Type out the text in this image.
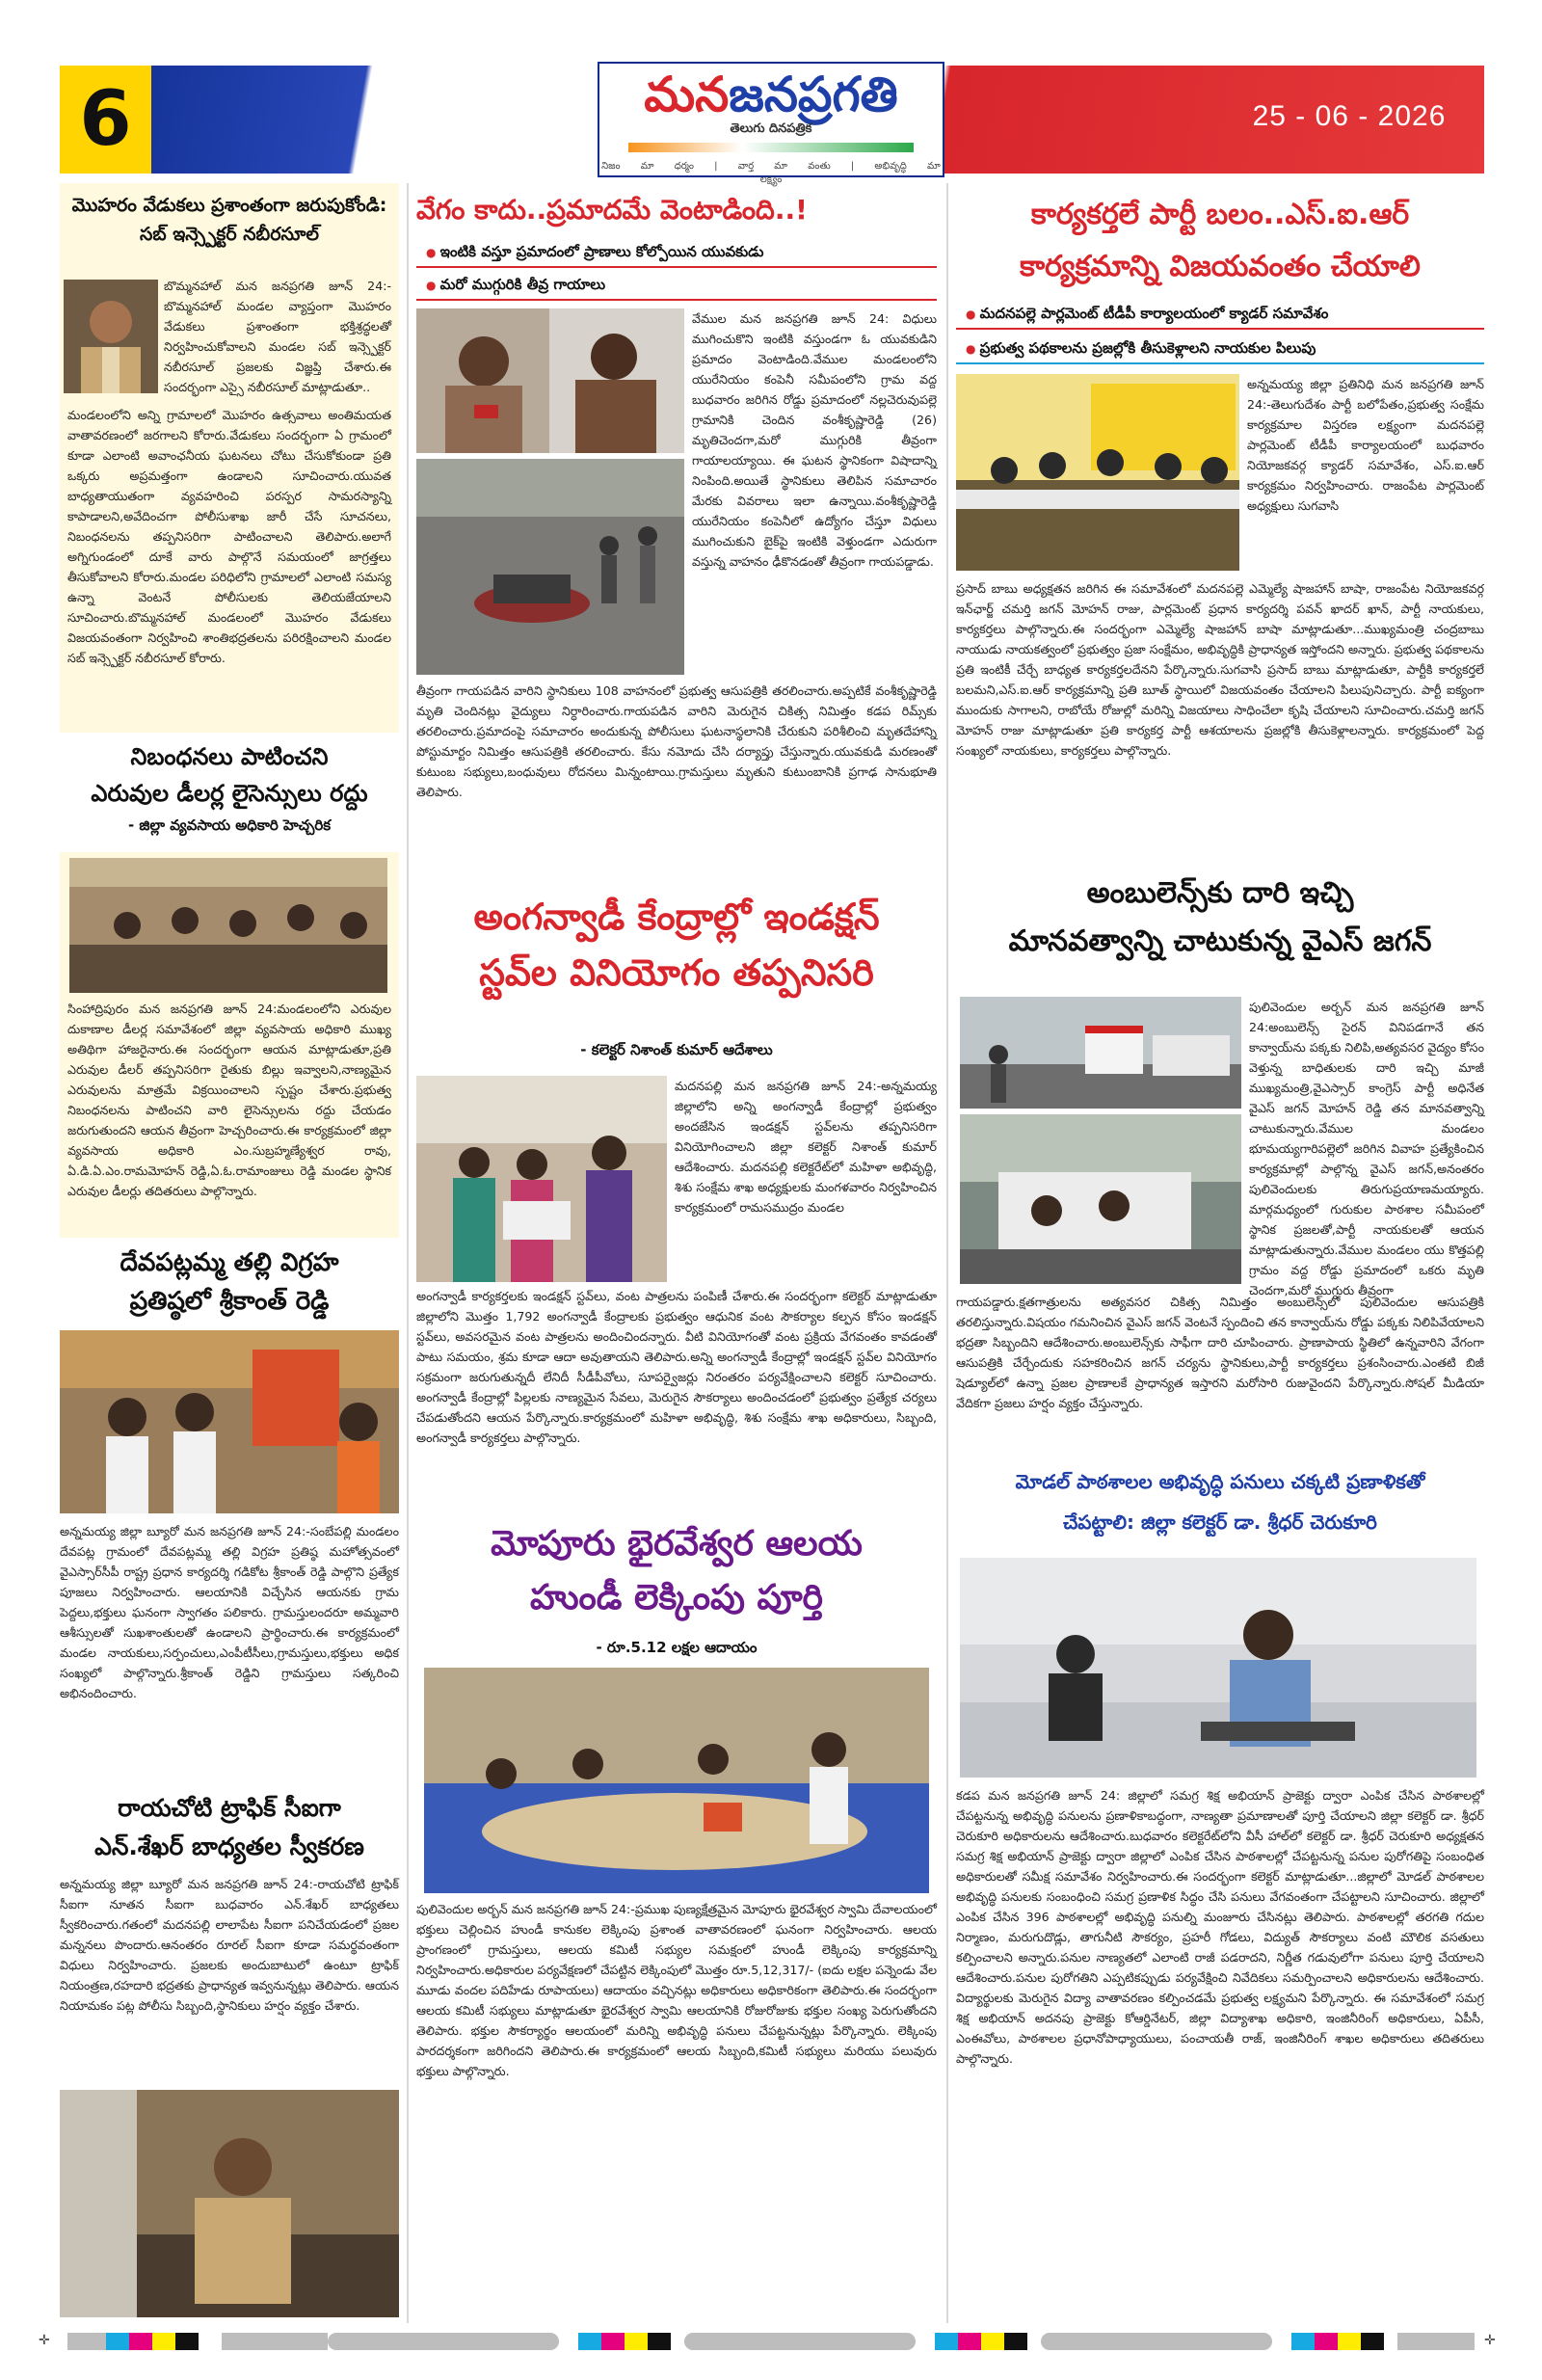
6	మనజనప్రగతి
తెలుగు దినపత్రిక
నిజం మా ధర్మం | వార్త మా వంతు | అభివృద్ధి మా లక్ష్యం
25 - 06 - 2026
మొహరం వేడుకలు ప్రశాంతంగా జరుపుకోండి: సబ్ ఇన్స్పెక్టర్ నబీరసూల్
బొమ్మనహాల్ మన జనప్రగతి జూన్ 24:-బొమ్మనహాల్ మండల వ్యాప్తంగా మొహరం వేడుకలు ప్రశాంతంగా భక్తిశ్రద్ధలతో నిర్వహించుకోవాలని మండల సబ్ ఇన్స్పెక్టర్ నబీరసూల్ ప్రజలకు విజ్ఞప్తి చేశారు.ఈ సందర్భంగా ఎస్సై నబీరసూల్ మాట్లాడుతూ..
మండలంలోని అన్ని గ్రామాలలో మొహరం ఉత్సవాలు అంతిమయత వాతావరణంలో జరగాలని కోరారు.వేడుకలు సందర్భంగా ఏ గ్రామంలో కూడా ఎలాంటి అవాంఛనీయ ఘటనలు చోటు చేసుకోకుండా ప్రతి ఒక్కరు అప్రమత్తంగా ఉండాలని సూచించారు.యువత బాధ్యతాయుతంగా వ్యవహరించి పరస్పర సామరస్యాన్ని కాపాడాలని,అవేదించగా పోలీసుశాఖ జారీ చేసే సూచనలు, నిబంధనలను తప్పనిసరిగా పాటించాలని తెలిపారు.అలాగే అగ్నిగుండంలో దూకే వారు పాల్గొనే సమయంలో జాగ్రత్తలు తీసుకోవాలని కోరారు.మండల పరిధిలోని గ్రామాలలో ఎలాంటి సమస్య ఉన్నా వెంటనే పోలీసులకు తెలియజేయాలని సూచించారు.బొమ్మనహాల్ మండలంలో మొహరం వేడుకలు విజయవంతంగా నిర్వహించి శాంతిభద్రతలను పరిరక్షించాలని మండల సబ్ ఇన్స్పెక్టర్ నబీరసూల్ కోరారు.
నిబంధనలు పాటించని
ఎరువుల డీలర్ల లైసెన్సులు రద్దు
- జిల్లా వ్యవసాయ అధికారి హెచ్చరిక
సింహాద్రిపురం మన జనప్రగతి జూన్ 24:మండలంలోని ఎరువుల దుకాణాల డీలర్ల సమావేశంలో జిల్లా వ్యవసాయ అధికారి ముఖ్య అతిథిగా హాజరైనారు.ఈ సందర్భంగా ఆయన మాట్లాడుతూ,ప్రతి ఎరువుల డీలర్ తప్పనిసరిగా రైతుకు బిల్లు ఇవ్వాలని,నాణ్యమైన ఎరువులను మాత్రమే విక్రయించాలని స్పష్టం చేశారు.ప్రభుత్వ నిబంధనలను పాటించని వారి లైసెన్సులను రద్దు చేయడం జరుగుతుందని ఆయన తీవ్రంగా హెచ్చరించారు.ఈ కార్యక్రమంలో జిల్లా వ్యవసాయ అధికారి ఎం.సుబ్రహ్మణ్యేశ్వర రావు, ఏ.డి.ఏ.ఎం.రామమోహన్ రెడ్డి,ఏ.ఓ.రామాంజులు రెడ్డి మండల స్థానిక ఎరువుల డీలర్లు తదితరులు పాల్గొన్నారు.
దేవపట్లమ్మ తల్లి విగ్రహ
ప్రతిష్ఠలో శ్రీకాంత్ రెడ్డి
అన్నమయ్య జిల్లా బ్యూరో మన జనప్రగతి జూన్ 24:-సంబేపల్లి మండలం దేవపట్ల గ్రామంలో దేవపట్లమ్మ తల్లి విగ్రహ ప్రతిష్ఠ మహోత్సవంలో వైఎస్సార్‌సీపీ రాష్ట్ర ప్రధాన కార్యదర్శి గడికోట శ్రీకాంత్ రెడ్డి పాల్గొని ప్రత్యేక పూజలు నిర్వహించారు. ఆలయానికి విచ్చేసిన ఆయనకు గ్రామ పెద్దలు,భక్తులు ఘనంగా స్వాగతం పలికారు. గ్రామస్తులందరూ అమ్మవారి ఆశీస్సులతో సుఖశాంతులతో ఉండాలని ప్రార్థించారు.ఈ కార్యక్రమంలో మండల నాయకులు,సర్పంచులు,ఎంపీటీసీలు,గ్రామస్తులు,భక్తులు అధిక సంఖ్యలో పాల్గొన్నారు.శ్రీకాంత్ రెడ్డిని గ్రామస్తులు సత్కరించి అభినందించారు.
రాయచోటి ట్రాఫిక్ సీఐగా
ఎన్.శేఖర్ బాధ్యతల స్వీకరణ
అన్నమయ్య జిల్లా బ్యూరో మన జనప్రగతి జూన్ 24:-రాయచోటి ట్రాఫిక్ సీఐగా నూతన సీఐగా బుధవారం ఎన్.శేఖర్ బాధ్యతలు స్వీకరించారు.గతంలో మదనపల్లి లాలాపేట సీఐగా పనిచేయడంలో ప్రజల మన్ననలు పొందారు.ఆనంతరం రూరల్ సీఐగా కూడా సమర్థవంతంగా విధులు నిర్వహించారు. ప్రజలకు అందుబాటులో ఉంటూ ట్రాఫిక్ నియంత్రణ,రహదారి భద్రతకు ప్రాధాన్యత ఇవ్వనున్నట్లు తెలిపారు. ఆయన నియామకం పట్ల పోలీసు సిబ్బంది,స్థానికులు హర్షం వ్యక్తం చేశారు.
వేగం కాదు..ప్రమాదమే వెంటాడింది..!
● ఇంటికి వస్తూ ప్రమాదంలో ప్రాణాలు కోల్పోయిన యువకుడు
● మరో ముగ్గురికి తీవ్ర గాయాలు
వేముల మన జనప్రగతి జూన్ 24: విధులు ముగించుకొని ఇంటికి వస్తుండగా ఓ యువకుడిని ప్రమాదం వెంటాడింది.వేముల మండలంలోని యురేనియం కంపెనీ సమీపంలోని గ్రామ వద్ద బుధవారం జరిగిన రోడ్డు ప్రమాదంలో నల్లచెరువుపల్లె గ్రామానికి చెందిన వంశీకృష్ణారెడ్డి (26) మృతిచెందగా,మరో ముగ్గురికి తీవ్రంగా గాయాలయ్యాయి. ఈ ఘటన స్థానికంగా విషాదాన్ని నింపింది.అయితే స్థానికులు తెలిపిన సమాచారం మేరకు వివరాలు ఇలా ఉన్నాయి.వంశీకృష్ణారెడ్డి యురేనియం కంపెనీలో ఉద్యోగం చేస్తూ విధులు ముగించుకుని బైక్‌పై ఇంటికి వెళ్తుండగా ఎదురుగా వస్తున్న వాహనం ఢీకొనడంతో తీవ్రంగా గాయపడ్డాడు.
తీవ్రంగా గాయపడిన వారిని స్థానికులు 108 వాహనంలో ప్రభుత్వ ఆసుపత్రికి తరలించారు.అప్పటికే వంశీకృష్ణారెడ్డి మృతి చెందినట్లు వైద్యులు నిర్ధారించారు.గాయపడిన వారిని మెరుగైన చికిత్స నిమిత్తం కడప రిమ్స్‌కు తరలించారు.ప్రమాదంపై సమాచారం అందుకున్న పోలీసులు ఘటనాస్థలానికి చేరుకుని పరిశీలించి మృతదేహాన్ని పోస్టుమార్టం నిమిత్తం ఆసుపత్రికి తరలించారు. కేసు నమోదు చేసి దర్యాప్తు చేస్తున్నారు.యువకుడి మరణంతో కుటుంబ సభ్యులు,బంధువులు రోదనలు మిన్నంటాయి.గ్రామస్తులు మృతుని కుటుంబానికి ప్రగాఢ సానుభూతి తెలిపారు.
అంగన్వాడీ కేంద్రాల్లో ఇండక్షన్
స్టవ్‌ల వినియోగం తప్పనిసరి
- కలెక్టర్ నిశాంత్ కుమార్ ఆదేశాలు
మదనపల్లి మన జనప్రగతి జూన్ 24:-అన్నమయ్య జిల్లాలోని అన్ని అంగన్వాడీ కేంద్రాల్లో ప్రభుత్వం అందజేసిన ఇండక్షన్ స్టవ్‌లను తప్పనిసరిగా వినియోగించాలని జిల్లా కలెక్టర్ నిశాంత్ కుమార్ ఆదేశించారు. మదనపల్లి కలెక్టరేట్‌లో మహిళా అభివృద్ధి, శిశు సంక్షేమ శాఖ అధ్యక్షులకు మంగళవారం నిర్వహించిన కార్యక్రమంలో రామసముద్రం మండల
అంగన్వాడీ కార్యకర్తలకు ఇండక్షన్ స్టవ్‌లు, వంట పాత్రలను పంపిణీ చేశారు.ఈ సందర్భంగా కలెక్టర్ మాట్లాడుతూ జిల్లాలోని మొత్తం 1,792 అంగన్వాడీ కేంద్రాలకు ప్రభుత్వం ఆధునిక వంట సౌకర్యాల కల్పన కోసం ఇండక్షన్ స్టవ్‌లు, అవసరమైన వంట పాత్రలను అందించిందన్నారు. వీటి వినియోగంతో వంట ప్రక్రియ వేగవంతం కావడంతో పాటు సమయం, శ్రమ కూడా ఆదా అవుతాయని తెలిపారు.అన్ని అంగన్వాడీ కేంద్రాల్లో ఇండక్షన్ స్టవ్‌ల వినియోగం సక్రమంగా జరుగుతున్నదీ లేనిదీ సీడీపీవోలు, సూపర్వైజర్లు నిరంతరం పర్యవేక్షించాలని కలెక్టర్ సూచించారు. అంగన్వాడీ కేంద్రాల్లో పిల్లలకు నాణ్యమైన సేవలు, మెరుగైన సౌకర్యాలు అందించడంలో ప్రభుత్వం ప్రత్యేక చర్యలు చేపడుతోందని ఆయన పేర్కొన్నారు.కార్యక్రమంలో మహిళా అభివృద్ధి, శిశు సంక్షేమ శాఖ అధికారులు, సిబ్బంది, అంగన్వాడీ కార్యకర్తలు పాల్గొన్నారు.
మోపూరు భైరవేశ్వర ఆలయ
హుండీ లెక్కింపు పూర్తి
- రూ.5.12 లక్షల ఆదాయం
పులివెందుల అర్బన్ మన జనప్రగతి జూన్ 24:-ప్రముఖ పుణ్యక్షేత్రమైన మోపూరు భైరవేశ్వర స్వామి దేవాలయంలో భక్తులు చెల్లించిన హుండీ కానుకల లెక్కింపు ప్రశాంత వాతావరణంలో ఘనంగా నిర్వహించారు. ఆలయ ప్రాంగణంలో గ్రామస్తులు, ఆలయ కమిటీ సభ్యుల సమక్షంలో హుండీ లెక్కింపు కార్యక్రమాన్ని నిర్వహించారు.అధికారుల పర్యవేక్షణలో చేపట్టిన లెక్కింపులో మొత్తం రూ.5,12,317/- (ఐదు లక్షల పన్నెండు వేల మూడు వందల పదిహేడు రూపాయలు) ఆదాయం వచ్చినట్లు అధికారులు అధికారికంగా తెలిపారు.ఈ సందర్భంగా ఆలయ కమిటీ సభ్యులు మాట్లాడుతూ భైరవేశ్వర స్వామి ఆలయానికి రోజురోజుకు భక్తుల సంఖ్య పెరుగుతోందని తెలిపారు. భక్తుల సౌకర్యార్థం ఆలయంలో మరిన్ని అభివృద్ధి పనులు చేపట్టనున్నట్లు పేర్కొన్నారు. లెక్కింపు పారదర్శకంగా జరిగిందని తెలిపారు.ఈ కార్యక్రమంలో ఆలయ సిబ్బంది,కమిటీ సభ్యులు మరియు పలువురు భక్తులు పాల్గొన్నారు.
కార్యకర్తలే పార్టీ బలం..ఎస్.ఐ.ఆర్
కార్యక్రమాన్ని విజయవంతం చేయాలి
● మదనపల్లె పార్లమెంట్ టీడీపీ కార్యాలయంలో క్యాడర్ సమావేశం
● ప్రభుత్వ పథకాలను ప్రజల్లోకి తీసుకెళ్లాలని నాయకుల పిలుపు
అన్నమయ్య జిల్లా ప్రతినిధి మన జనప్రగతి జూన్ 24:-తెలుగుదేశం పార్టీ బలోపేతం,ప్రభుత్వ సంక్షేమ కార్యక్రమాల విస్తరణ లక్ష్యంగా మదనపల్లె పార్లమెంట్ టీడీపీ కార్యాలయంలో బుధవారం నియోజకవర్గ క్యాడర్ సమావేశం, ఎస్.ఐ.ఆర్ కార్యక్రమం నిర్వహించారు. రాజంపేట పార్లమెంట్ అధ్యక్షులు సుగవాసి
ప్రసాద్ బాబు అధ్యక్షతన జరిగిన ఈ సమావేశంలో మదనపల్లె ఎమ్మెల్యే షాజహాన్ బాషా, రాజంపేట నియోజకవర్గ ఇన్‌ఛార్జ్ చమర్తి జగన్ మోహన్ రాజు, పార్లమెంట్ ప్రధాన కార్యదర్శి పవన్ ఖాదర్ ఖాన్, పార్టీ నాయకులు, కార్యకర్తలు పాల్గొన్నారు.ఈ సందర్భంగా ఎమ్మెల్యే షాజహాన్ బాషా మాట్లాడుతూ...ముఖ్యమంత్రి చంద్రబాబు నాయుడు నాయకత్వంలో ప్రభుత్వం ప్రజా సంక్షేమం, అభివృద్ధికి ప్రాధాన్యత ఇస్తోందని అన్నారు. ప్రభుత్వ పథకాలను ప్రతి ఇంటికీ చేర్చే బాధ్యత కార్యకర్తలదేనని పేర్కొన్నారు.సుగవాసి ప్రసాద్ బాబు మాట్లాడుతూ, పార్టీకి కార్యకర్తలే బలమని,ఎస్.ఐ.ఆర్ కార్యక్రమాన్ని ప్రతి బూత్ స్థాయిలో విజయవంతం చేయాలని పిలుపునిచ్చారు. పార్టీ ఐక్యంగా ముందుకు సాగాలని, రాబోయే రోజుల్లో మరిన్ని విజయాలు సాధించేలా కృషి చేయాలని సూచించారు.చమర్తి జగన్ మోహన్ రాజు మాట్లాడుతూ ప్రతి కార్యకర్త పార్టీ ఆశయాలను ప్రజల్లోకి తీసుకెళ్లాలన్నారు. కార్యక్రమంలో పెద్ద సంఖ్యలో నాయకులు, కార్యకర్తలు పాల్గొన్నారు.
అంబులెన్స్‌కు దారి ఇచ్చి
మానవత్వాన్ని చాటుకున్న వైఎస్ జగన్
పులివెందుల అర్బన్ మన జనప్రగతి జూన్ 24:అంబులెన్స్ సైరన్ వినిపడగానే తన కాన్వాయ్‌ను పక్కకు నిలిపి,అత్యవసర వైద్యం కోసం వెళ్తున్న బాధితులకు దారి ఇచ్చి మాజీ ముఖ్యమంత్రి,వైఎస్సార్ కాంగ్రెస్ పార్టీ అధినేత వైఎస్ జగన్ మోహన్ రెడ్డి తన మానవత్వాన్ని చాటుకున్నారు.వేముల మండలం భూమయ్యగారిపల్లెలో జరిగిన వివాహ ప్రత్యేకించిన కార్యక్రమాల్లో పాల్గొన్న వైఎస్ జగన్,అనంతరం పులివెందులకు తిరుగుప్రయాణమయ్యారు. మార్గమధ్యంలో గురుకుల పాఠశాల సమీపంలో స్థానిక ప్రజలతో,పార్టీ నాయకులతో ఆయన మాట్లాడుతున్నారు.వేముల మండలం యు కొత్తపల్లి గ్రామం వద్ద రోడ్డు ప్రమాదంలో ఒకరు మృతి చెందగా,మరో ముగ్గురు తీవ్రంగా
గాయపడ్డారు.క్షతగాత్రులను అత్యవసర చికిత్స నిమిత్తం అంబులెన్స్‌లో పులివెందుల ఆసుపత్రికి తరలిస్తున్నారు.విషయం గమనించిన వైఎస్ జగన్ వెంటనే స్పందించి తన కాన్వాయ్‌ను రోడ్డు పక్కకు నిలిపివేయాలని భద్రతా సిబ్బందిని ఆదేశించారు.అంబులెన్స్‌కు సాఫీగా దారి చూపించారు. ప్రాణాపాయ స్థితిలో ఉన్నవారిని వేగంగా ఆసుపత్రికి చేర్చేందుకు సహకరించిన జగన్ చర్యను స్థానికులు,పార్టీ కార్యకర్తలు ప్రశంసించారు.ఎంతటి బిజీ షెడ్యూల్‌లో ఉన్నా ప్రజల ప్రాణాలకే ప్రాధాన్యత ఇస్తారని మరోసారి రుజువైందని పేర్కొన్నారు.సోషల్ మీడియా వేదికగా ప్రజలు హర్షం వ్యక్తం చేస్తున్నారు.
మోడల్ పాఠశాలల అభివృద్ధి పనులు చక్కటి ప్రణాళికతో
చేపట్టాలి: జిల్లా కలెక్టర్ డా. శ్రీధర్ చెరుకూరి
కడప మన జనప్రగతి జూన్ 24: జిల్లాలో సమగ్ర శిక్ష అభియాన్ ప్రాజెక్టు ద్వారా ఎంపిక చేసిన పాఠశాలల్లో చేపట్టనున్న అభివృద్ధి పనులను ప్రణాళికాబద్ధంగా, నాణ్యతా ప్రమాణాలతో పూర్తి చేయాలని జిల్లా కలెక్టర్ డా. శ్రీధర్ చెరుకూరి అధికారులను ఆదేశించారు.బుధవారం కలెక్టరేట్‌లోని వీసీ హాల్‌లో కలెక్టర్ డా. శ్రీధర్ చెరుకూరి అధ్యక్షతన సమగ్ర శిక్ష అభియాన్ ప్రాజెక్టు ద్వారా జిల్లాలో ఎంపిక చేసిన పాఠశాలల్లో చేపట్టనున్న పనుల పురోగతిపై సంబంధిత అధికారులతో సమీక్ష సమావేశం నిర్వహించారు.ఈ సందర్భంగా కలెక్టర్ మాట్లాడుతూ...జిల్లాలో మోడల్ పాఠశాలల అభివృద్ధి పనులకు సంబంధించి సమగ్ర ప్రణాళిక సిద్ధం చేసి పనులు వేగవంతంగా చేపట్టాలని సూచించారు. జిల్లాలో ఎంపిక చేసిన 396 పాఠశాలల్లో అభివృద్ధి పనుల్ని మంజూరు చేసినట్లు తెలిపారు. పాఠశాలల్లో తరగతి గదుల నిర్మాణం, మరుగుదొడ్లు, తాగునీటి సౌకర్యం, ప్రహరీ గోడలు, విద్యుత్ సౌకర్యాలు వంటి మౌలిక వసతులు కల్పించాలని అన్నారు.పనుల నాణ్యతలో ఎలాంటి రాజీ పడరాదని, నిర్ణీత గడువులోగా పనులు పూర్తి చేయాలని ఆదేశించారు.పనుల పురోగతిని ఎప్పటికప్పుడు పర్యవేక్షించి నివేదికలు సమర్పించాలని అధికారులను ఆదేశించారు. విద్యార్థులకు మెరుగైన విద్యా వాతావరణం కల్పించడమే ప్రభుత్వ లక్ష్యమని పేర్కొన్నారు. ఈ సమావేశంలో సమగ్ర శిక్ష అభియాన్ అదనపు ప్రాజెక్టు కోఆర్డినేటర్, జిల్లా విద్యాశాఖ అధికారి, ఇంజినీరింగ్ అధికారులు, ఏపీసీ, ఎంఈవోలు, పాఠశాలల ప్రధానోపాధ్యాయులు, పంచాయతీ రాజ్, ఇంజినీరింగ్ శాఖల అధికారులు తదితరులు పాల్గొన్నారు.
✛	✛
